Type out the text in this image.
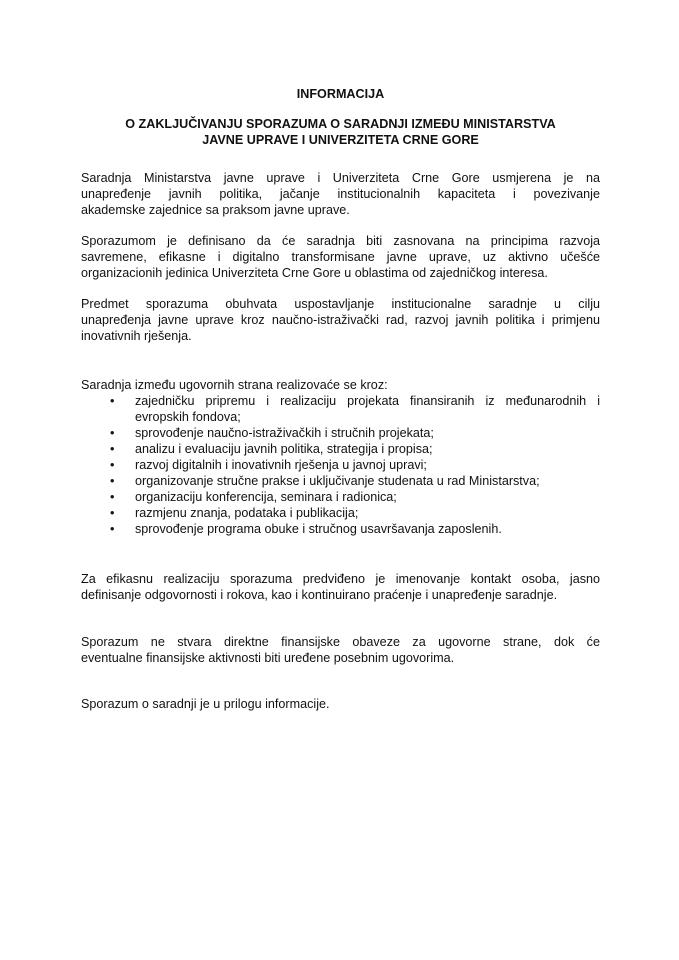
INFORMACIJA
O ZAKLJUČIVANJU SPORAZUMA O SARADNJI IZMEĐU MINISTARSTVA
JAVNE UPRAVE I UNIVERZITETA CRNE GORE
Saradnja Ministarstva javne uprave i Univerziteta Crne Gore usmjerena je na
unapređenje javnih politika, jačanje institucionalnih kapaciteta i povezivanje
akademske zajednice sa praksom javne uprave.
Sporazumom je definisano da će saradnja biti zasnovana na principima razvoja
savremene, efikasne i digitalno transformisane javne uprave, uz aktivno učešće
organizacionih jedinica Univerziteta Crne Gore u oblastima od zajedničkog interesa.
Predmet sporazuma obuhvata uspostavljanje institucionalne saradnje u cilju
unapređenja javne uprave kroz naučno-istraživački rad, razvoj javnih politika i primjenu
inovativnih rješenja.
Saradnja između ugovornih strana realizovaće se kroz:
• zajedničku pripremu i realizaciju projekata finansiranih iz međunarodnih i
evropskih fondova;
• sprovođenje naučno-istraživačkih i stručnih projekata;
• analizu i evaluaciju javnih politika, strategija i propisa;
• razvoj digitalnih i inovativnih rješenja u javnoj upravi;
• organizovanje stručne prakse i uključivanje studenata u rad Ministarstva;
• organizaciju konferencija, seminara i radionica;
• razmjenu znanja, podataka i publikacija;
• sprovođenje programa obuke i stručnog usavršavanja zaposlenih.
Za efikasnu realizaciju sporazuma predviđeno je imenovanje kontakt osoba, jasno
definisanje odgovornosti i rokova, kao i kontinuirano praćenje i unapređenje saradnje.
Sporazum ne stvara direktne finansijske obaveze za ugovorne strane, dok će
eventualne finansijske aktivnosti biti uređene posebnim ugovorima.
Sporazum o saradnji je u prilogu informacije.
